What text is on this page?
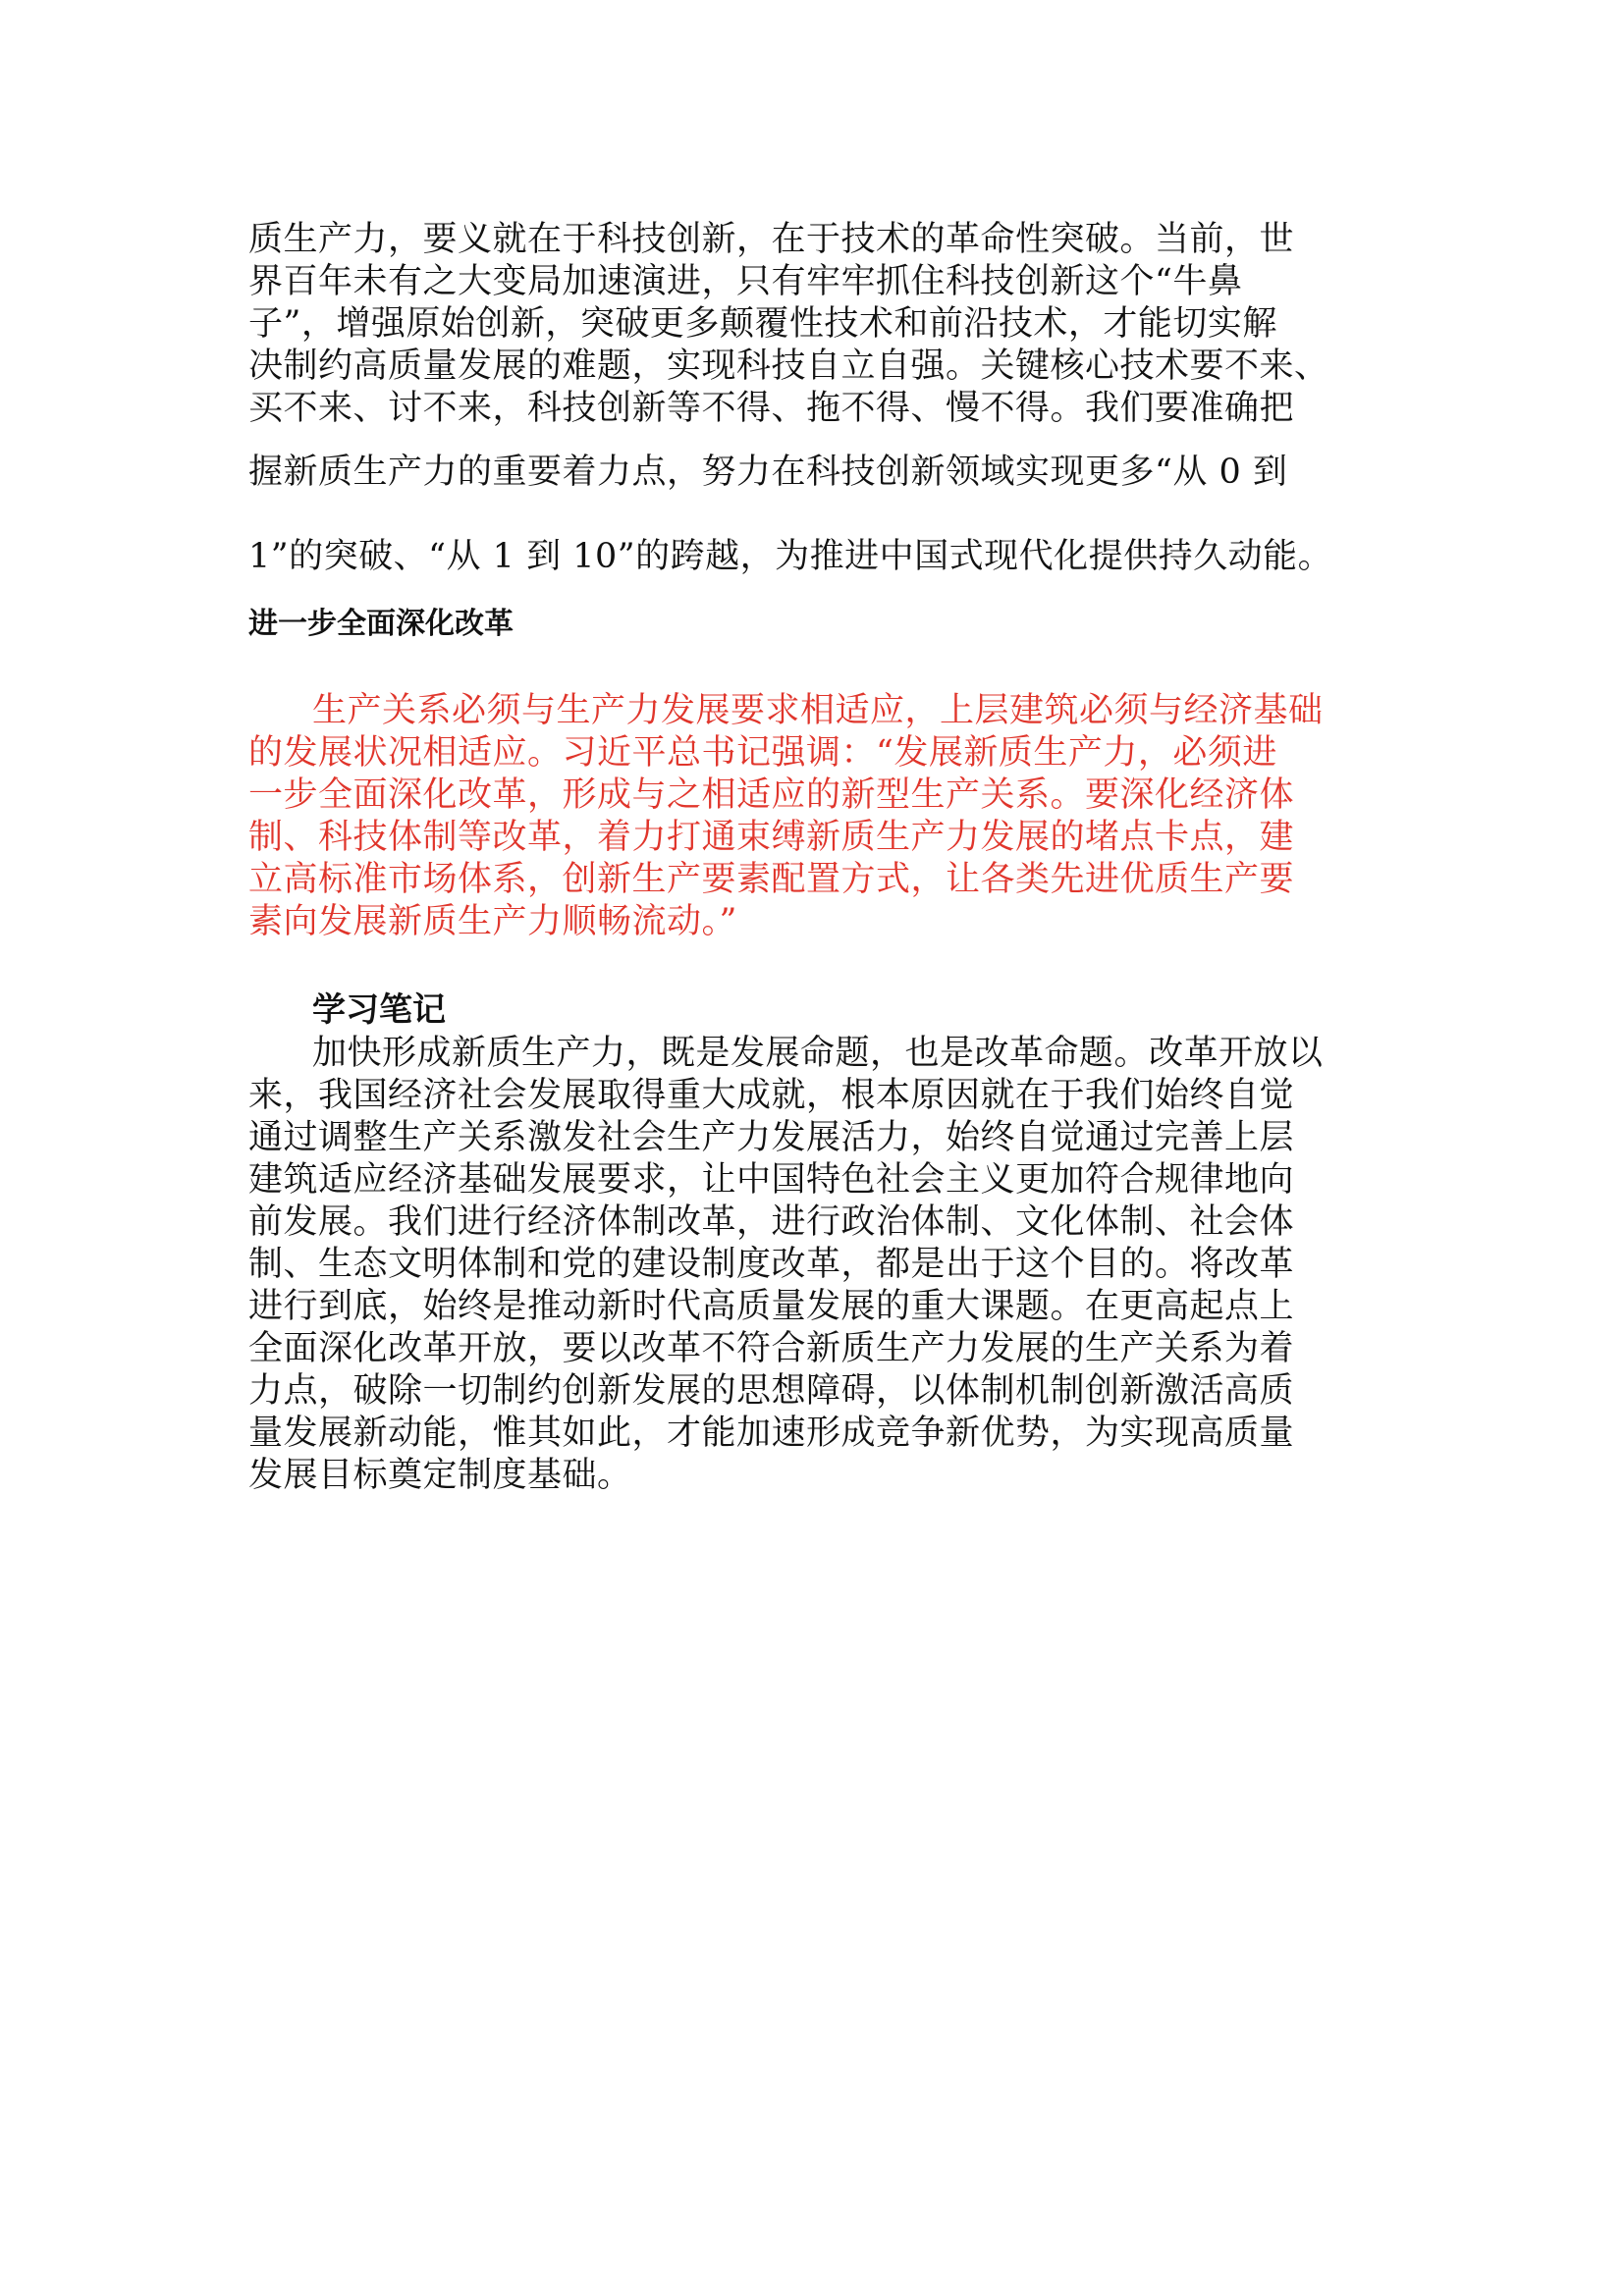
质生产力，要义就在于科技创新，在于技术的革命性突破。当前，世
界百年未有之大变局加速演进，只有牢牢抓住科技创新这个“牛鼻
子”，增强原始创新，突破更多颠覆性技术和前沿技术，才能切实解
决制约高质量发展的难题，实现科技自立自强。关键核心技术要不来、
买不来、讨不来，科技创新等不得、拖不得、慢不得。我们要准确把
握新质生产力的重要着力点，努力在科技创新领域实现更多“从 0 到
1”的突破、“从 1 到 10”的跨越，为推进中国式现代化提供持久动能。
进一步全面深化改革
生产关系必须与生产力发展要求相适应，上层建筑必须与经济基础
的发展状况相适应。习近平总书记强调：“发展新质生产力，必须进
一步全面深化改革，形成与之相适应的新型生产关系。要深化经济体
制、科技体制等改革，着力打通束缚新质生产力发展的堵点卡点，建
立高标准市场体系，创新生产要素配置方式，让各类先进优质生产要
素向发展新质生产力顺畅流动。”
学习笔记
加快形成新质生产力，既是发展命题，也是改革命题。改革开放以
来，我国经济社会发展取得重大成就，根本原因就在于我们始终自觉
通过调整生产关系激发社会生产力发展活力，始终自觉通过完善上层
建筑适应经济基础发展要求，让中国特色社会主义更加符合规律地向
前发展。我们进行经济体制改革，进行政治体制、文化体制、社会体
制、生态文明体制和党的建设制度改革，都是出于这个目的。将改革
进行到底，始终是推动新时代高质量发展的重大课题。在更高起点上
全面深化改革开放，要以改革不符合新质生产力发展的生产关系为着
力点，破除一切制约创新发展的思想障碍，以体制机制创新激活高质
量发展新动能，惟其如此，才能加速形成竞争新优势，为实现高质量
发展目标奠定制度基础。
